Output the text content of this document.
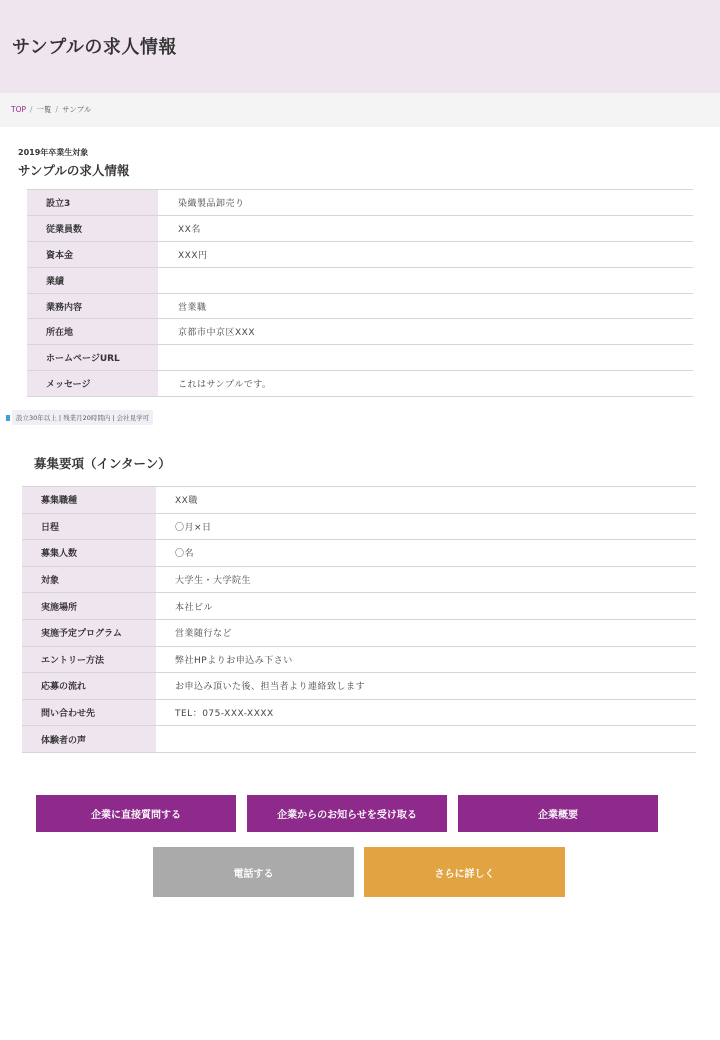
サンプルの求人情報
TOP / 一覧 / サンプル
2019年卒業生対象
サンプルの求人情報
設立3	染織製品卸売り
従業員数	XX名
資本金	XXX円
業績	
業務内容	営業職
所在地	京都市中京区XXX
ホームページURL	
メッセージ	これはサンプルです。
設立30年以上 | 残業月20時間内 | 会社見学可
募集要項（インターン）
募集職種	XX職
日程	〇月×日
募集人数	〇名
対象	大学生・大学院生
実施場所	本社ビル
実施予定プログラム	営業随行など
エントリー方法	弊社HPよりお申込み下さい
応募の流れ	お申込み頂いた後、担当者より連絡致します
問い合わせ先	TEL：075-XXX-XXXX
体験者の声	
企業に直接質問する	企業からのお知らせを受け取る	企業概要
電話する	さらに詳しく
